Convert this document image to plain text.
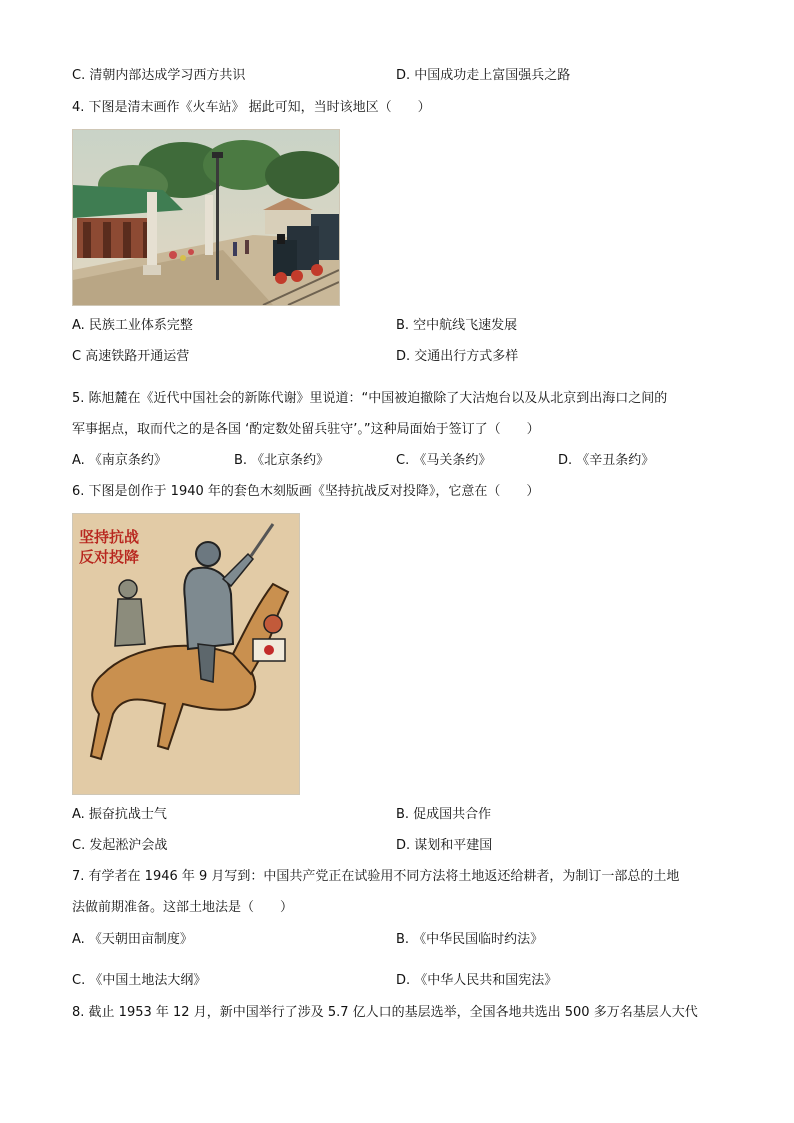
C. 清朝内部达成学习西方共识	D. 中国成功走上富国强兵之路
4. 下图是清末画作《火车站》 据此可知，当时该地区（　　）
A. 民族工业体系完整	B. 空中航线飞速发展
C 高速铁路开通运营	D. 交通出行方式多样
5. 陈旭麓在《近代中国社会的新陈代谢》里说道：“中国被迫撤除了大沽炮台以及从北京到出海口之间的
军事据点，取而代之的是各国 ‘酌定数处留兵驻守’。”这种局面始于签订了（　　）
A. 《南京条约》	B. 《北京条约》	C. 《马关条约》	D. 《辛丑条约》
6. 下图是创作于 1940 年的套色木刻版画《坚持抗战反对投降》，它意在（　　）
坚持抗战
反对投降
A. 振奋抗战士气	B. 促成国共合作
C. 发起淞沪会战	D. 谋划和平建国
7. 有学者在 1946 年 9 月写到：中国共产党正在试验用不同方法将土地返还给耕者，为制订一部总的土地
法做前期准备。这部土地法是（　　）
A. 《天朝田亩制度》	B. 《中华民国临时约法》
C. 《中国土地法大纲》	D. 《中华人民共和国宪法》
8. 截止 1953 年 12 月，新中国举行了涉及 5.7 亿人口的基层选举，全国各地共选出 500 多万名基层人大代
